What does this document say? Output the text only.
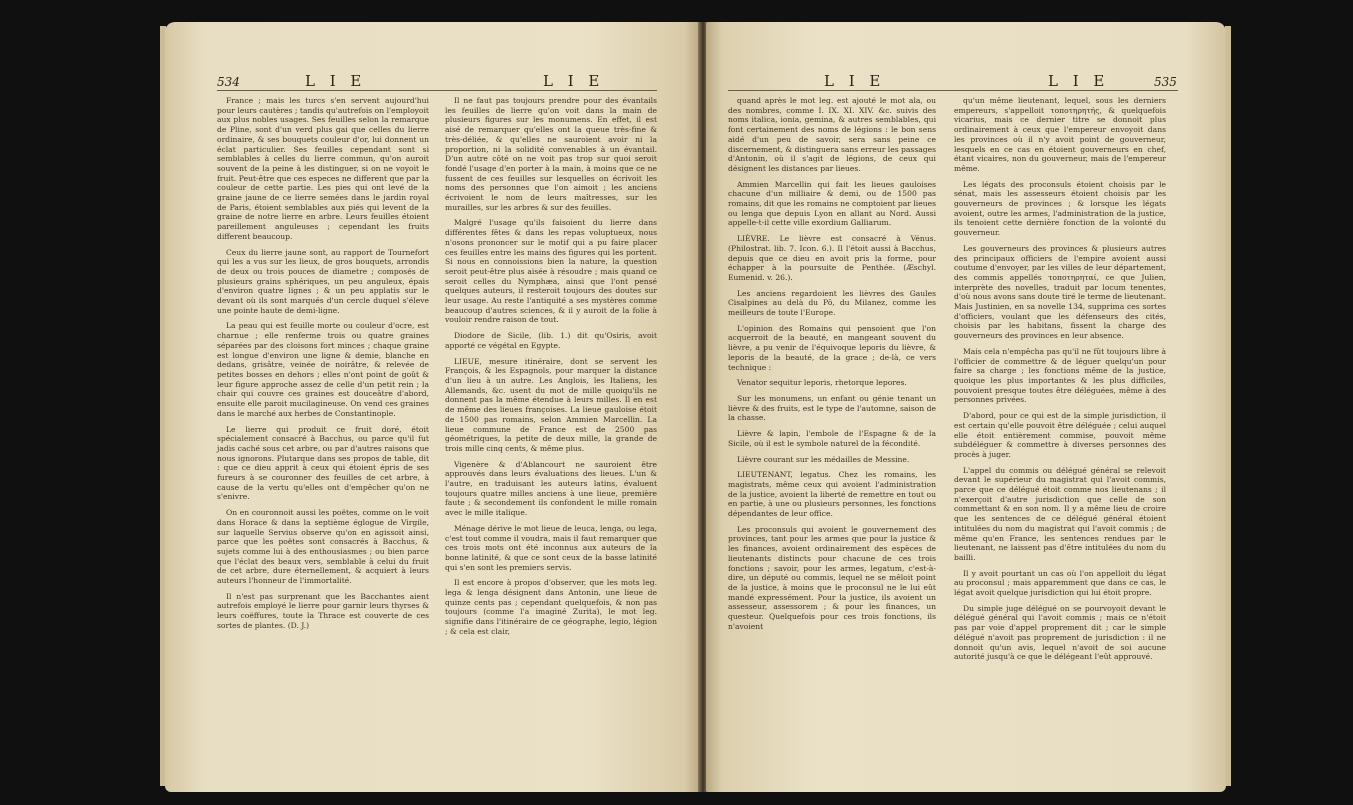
534	L I E	L I E

France ; mais les turcs s'en servent aujourd'hui pour leurs cautères ; tandis qu'autrefois on l'employoit aux plus nobles usages. Ses feuilles selon la remarque de Pline, sont d'un verd plus gai que celles du lierre ordinaire, & ses bouquets couleur d'or, lui donnent un éclat particulier. Ses feuilles cependant sont si semblables à celles du lierre commun, qu'on auroit souvent de la peine à les distinguer, si on ne voyoit le fruit. Peut-être que ces especes ne different que par la couleur de cette partie. Les pies qui ont levé de la graine jaune de ce lierre semées dans le jardin royal de Paris, étoient semblables aux piés qui levent de la graine de notre lierre en arbre. Leurs feuilles étoient pareillement anguleuses ; cependant les fruits different beaucoup.

Ceux du lierre jaune sont, au rapport de Tournefort qui les a vus sur les lieux, de gros bouquets, arrondis de deux ou trois pouces de diametre ; composés de plusieurs grains sphériques, un peu anguleux, épais d'environ quatre lignes ; & un peu applatis sur le devant où ils sont marqués d'un cercle duquel s'éleve une pointe haute de demi-ligne.

La peau qui est feuille morte ou couleur d'ocre, est charnue ; elle renferme trois ou quatre graines séparées par des cloisons fort minces ; chaque graine est longue d'environ une ligne & demie, blanche en dedans, grisâtre, veinée de noirâtre, & relevée de petites bosses en dehors ; elles n'ont point de goût & leur figure approche assez de celle d'un petit rein ; la chair qui couvre ces graines est douceâtre d'abord, ensuite elle paroit mucilagineuse. On vend ces graines dans le marché aux herbes de Constantinople.

Le lierre qui produit ce fruit doré, étoit spécialement consacré à Bacchus, ou parce qu'il fut jadis caché sous cet arbre, ou par d'autres raisons que nous ignorons. Plutarque dans ses propos de table, dit : que ce dieu apprit à ceux qui étoient épris de ses fureurs à se couronner des feuilles de cet arbre, à cause de la vertu qu'elles ont d'empêcher qu'on ne s'enivre.

On en couronnoit aussi les poëtes, comme on le voit dans Horace & dans la septième églogue de Virgile, sur laquelle Servius observe qu'on en agissoit ainsi, parce que les poëtes sont consacrés à Bacchus, & sujets comme lui à des enthousiasmes ; ou bien parce que l'éclat des beaux vers, semblable à celui du fruit de cet arbre, dure éternellement, & acquiert à leurs auteurs l'honneur de l'immortalité.

Il n'est pas surprenant que les Bacchantes aient autrefois employé le lierre pour garnir leurs thyrses & leurs coëffures, toute la Thrace est couverte de ces sortes de plantes. (D. J.)

Il ne faut pas toujours prendre pour des évantails les feuilles de lierre qu'on voit dans la main de plusieurs figures sur les monumens. En effet, il est aisé de remarquer qu'elles ont la queue très-fine & très-déliée, & qu'elles ne sauroient avoir ni la proportion, ni la solidité convenables à un évantail. D'un autre côté on ne voit pas trop sur quoi seroit fondé l'usage d'en porter à la main, à moins que ce ne fussent de ces feuilles sur lesquelles on écrivoit les noms des personnes que l'on aimoit ; les anciens écrivoient le nom de leurs maîtresses, sur les murailles, sur les arbres & sur des feuilles.

Malgré l'usage qu'ils faisoient du lierre dans différentes fêtes & dans les repas voluptueux, nous n'osons prononcer sur le motif qui a pu faire placer ces feuilles entre les mains des figures qui les portent. Si nous en connoissions bien la nature, la question seroit peut-être plus aisée à résoudre ; mais quand ce seroit celles du Nymphæa, ainsi que l'ont pensé quelques auteurs, il resteroit toujours des doutes sur leur usage. Au reste l'antiquité a ses mystères comme beaucoup d'autres sciences, & il y auroit de la folie à vouloir rendre raison de tout.

Diodore de Sicile, (lib. 1.) dit qu'Osiris, avoit apporté ce végétal en Egypte.

LIEUE, mesure itinéraire, dont se servent les François, & les Espagnols, pour marquer la distance d'un lieu à un autre. Les Anglois, les Italiens, les Allemands, &c. usent du mot de mille quoiqu'ils ne donnent pas la même étendue à leurs milles. Il en est de même des lieues françoises. La lieue gauloise étoit de 1500 pas romains, selon Ammien Marcellin. La lieue commune de France est de 2500 pas géométriques, la petite de deux mille, la grande de trois mille cinq cents, & même plus.

Vigenère & d'Ablancourt ne sauroient être approuvés dans leurs évaluations des lieues. L'un & l'autre, en traduisant les auteurs latins, évaluent toujours quatre milles anciens à une lieue, première faute ; & secondement ils confondent le mille romain avec le mille italique.

Ménage dérive le mot lieue de leuca, lenga, ou lega, c'est tout comme il voudra, mais il faut remarquer que ces trois mots ont été inconnus aux auteurs de la bonne latinité, & que ce sont ceux de la basse latinité qui s'en sont les premiers servis.

Il est encore à propos d'observer, que les mots leg. lega & lenga désignent dans Antonin, une lieue de quinze cents pas ; cependant quelquefois, & non pas toujours (comme l'a imaginé Zurita), le mot leg. signifie dans l'itinéraire de ce géographe, legio, légion ; & cela est clair,

L I E	L I E	535

quand après le mot leg. est ajouté le mot ala, ou des nombres, comme I. IX. XI. XIV. &c. suivis des noms italica, ionia, gemina, & autres semblables, qui font certainement des noms de légions : le bon sens aidé d'un peu de savoir, sera sans peine ce discernement, & distinguera sans erreur les passages d'Antonin, où il s'agit de légions, de ceux qui désignent les distances par lieues.

Ammien Marcellin qui fait les lieues gauloises chacune d'un milliaire & demi, ou de 1500 pas romains, dit que les romains ne comptoient par lieues ou lenga que depuis Lyon en allant au Nord. Aussi appelle-t-il cette ville exordium Galliarum.

LIÈVRE. Le lièvre est consacré à Vénus. (Philostrat. lib. 7. Icon. 6.). Il l'étoit aussi à Bacchus, depuis que ce dieu en avoit pris la forme, pour échapper à la poursuite de Penthée. (Æschyl. Eumenid. v. 26.).

Les anciens regardoient les lièvres des Gaules Cisalpines au delà du Pô, du Milanez, comme les meilleurs de toute l'Europe.

L'opinion des Romains qui pensoient que l'on acquerroit de la beauté, en mangeant souvent du lièvre, a pu venir de l'équivoque leporis du lièvre, & leporis de la beauté, de la grace ; de-là, ce vers technique :

Venator sequitur leporis, rhetorque lepores.

Sur les monumens, un enfant ou génie tenant un lièvre & des fruits, est le type de l'automne, saison de la chasse.

Lièvre & lapin, l'embole de l'Espagne & de la Sicile, où il est le symbole naturel de la fécondité.

Lièvre courant sur les médailles de Messine.

LIEUTENANT, legatus. Chez les romains, les magistrats, même ceux qui avoient l'administration de la justice, avoient la liberté de remettre en tout ou en partie, à une ou plusieurs personnes, les fonctions dépendantes de leur office.

Les proconsuls qui avoient le gouvernement des provinces, tant pour les armes que pour la justice & les finances, avoient ordinairement des espèces de lieutenants distincts pour chacune de ces trois fonctions ; savoir, pour les armes, legatum, c'est-à-dire, un député ou commis, lequel ne se mêloit point de la justice, à moins que le proconsul ne le lui eût mandé expressément. Pour la justice, ils avoient un assesseur, assessorem ; & pour les finances, un questeur. Quelquefois pour ces trois fonctions, ils n'avoient

qu'un même lieutenant, lequel, sous les derniers empereurs, s'appelloit τοποτηρητής, & quelquefois vicarius, mais ce dernier titre se donnoit plus ordinairement à ceux que l'empereur envoyoit dans les provinces où il n'y avoit point de gouverneur, lesquels en ce cas en étoient gouverneurs en chef, étant vicaires, non du gouverneur, mais de l'empereur même.

Les légats des proconsuls étoient choisis par le sénat, mais les assesseurs étoient choisis par les gouverneurs de provinces ; & lorsque les légats avoient, outre les armes, l'administration de la justice, ils tenoient cette dernière fonction de la volonté du gouverneur.

Les gouverneurs des provinces & plusieurs autres des principaux officiers de l'empire avoient aussi coutume d'envoyer, par les villes de leur département, des commis appellés τοποτηρηταί, ce que Julien, interprète des novelles, traduit par locum tenentes, d'où nous avons sans doute tiré le terme de lieutenant. Mais Justinien, en sa novelle 134, supprima ces sortes d'officiers, voulant que les défenseurs des cités, choisis par les habitans, fissent la charge des gouverneurs des provinces en leur absence.

Mais cela n'empêcha pas qu'il ne fût toujours libre à l'officier de commettre & de léguer quelqu'un pour faire sa charge ; les fonctions même de la justice, quoique les plus importantes & les plus difficiles, pouvoient presque toutes être déléguées, même à des personnes privées.

D'abord, pour ce qui est de la simple jurisdiction, il est certain qu'elle pouvoit être déléguée ; celui auquel elle étoit entièrement commise, pouvoit même subdéléguer & commettre à diverses personnes des procès à juger.

L'appel du commis ou délégué général se relevoit devant le supérieur du magistrat qui l'avoit commis, parce que ce délégué étoit comme nos lieutenans ; il n'exerçoit d'autre jurisdiction que celle de son commettant & en son nom. Il y a même lieu de croire que les sentences de ce délégué général étoient intitulées du nom du magistrat qui l'avoit commis ; de même qu'en France, les sentences rendues par le lieutenant, ne laissent pas d'être intitulées du nom du bailli.

Il y avoit pourtant un cas où l'on appelloit du légat au proconsul ; mais apparemment que dans ce cas, le légat avoit quelque jurisdiction qui lui étoit propre.

Du simple juge délégué on se pourvoyoit devant le délégué général qui l'avoit commis ; mais ce n'étoit pas par voie d'appel proprement dit ; car le simple délégué n'avoit pas proprement de jurisdiction : il ne donnoit qu'un avis, lequel n'avoit de soi aucune autorité jusqu'à ce que le délégeant l'eût approuvé.
